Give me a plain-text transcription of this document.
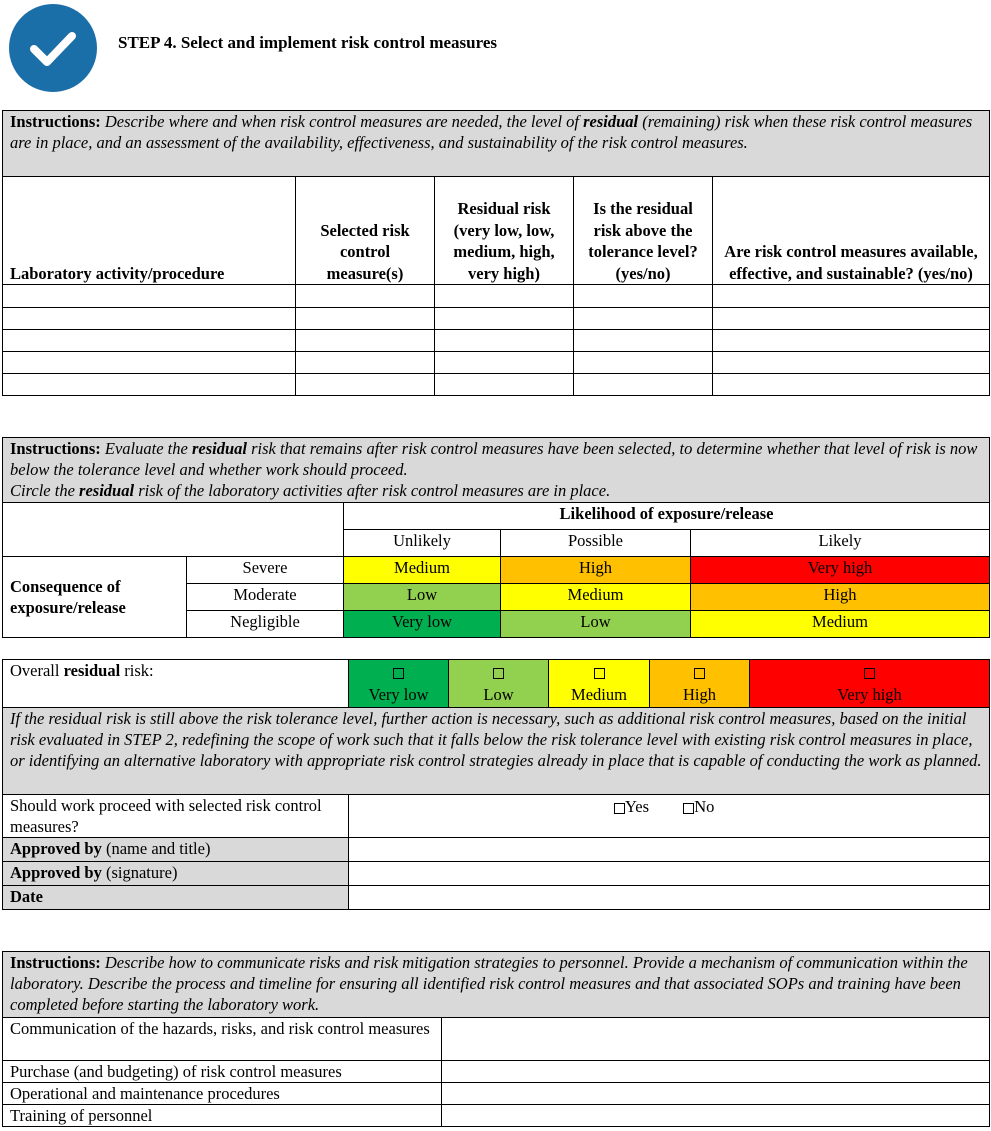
STEP 4. Select and implement risk control measures
Instructions: Describe where and when risk control measures are needed, the level of residual (remaining) risk when these risk control measures are in place, and an assessment of the availability, effectiveness, and sustainability of the risk control measures.				
Laboratory activity/procedure	Selected risk control measure(s)	Residual risk (very low, low, medium, high, very high)	Is the residual risk above the tolerance level? (yes/no)	Are risk control measures available, effective, and sustainable? (yes/no)

Instructions: Evaluate the residual risk that remains after risk control measures have been selected, to determine whether that level of risk is now below the tolerance level and whether work should proceed.
Circle the residual risk of the laboratory activities after risk control measures are in place.				
		Likelihood of exposure/release		
		Unlikely	Possible	Likely
Consequence of exposure/release	Severe	Medium	High	Very high
	Moderate	Low	Medium	High
	Negligible	Very low	Low	Medium
Overall residual risk:	Very low	Low	Medium	High	Very high
If the residual risk is still above the risk tolerance level, further action is necessary, such as additional risk control measures, based on the initial risk evaluated in STEP 2, redefining the scope of work such that it falls below the risk tolerance level with existing risk control measures in place, or identifying an alternative laboratory with appropriate risk control strategies already in place that is capable of conducting the work as planned.					
Should work proceed with selected risk control measures?	Yes No				

Approved by (name and title)					
Approved by (signature)					
Date					
Instructions: Describe how to communicate risks and risk mitigation strategies to personnel. Provide a mechanism of communication within the laboratory. Describe the process and timeline for ensuring all identified risk control measures and that associated SOPs and training have been completed before starting the laboratory work.	
Communication of the hazards, risks, and risk control measures	
Purchase (and budgeting) of risk control measures	
Operational and maintenance procedures	
Training of personnel	
